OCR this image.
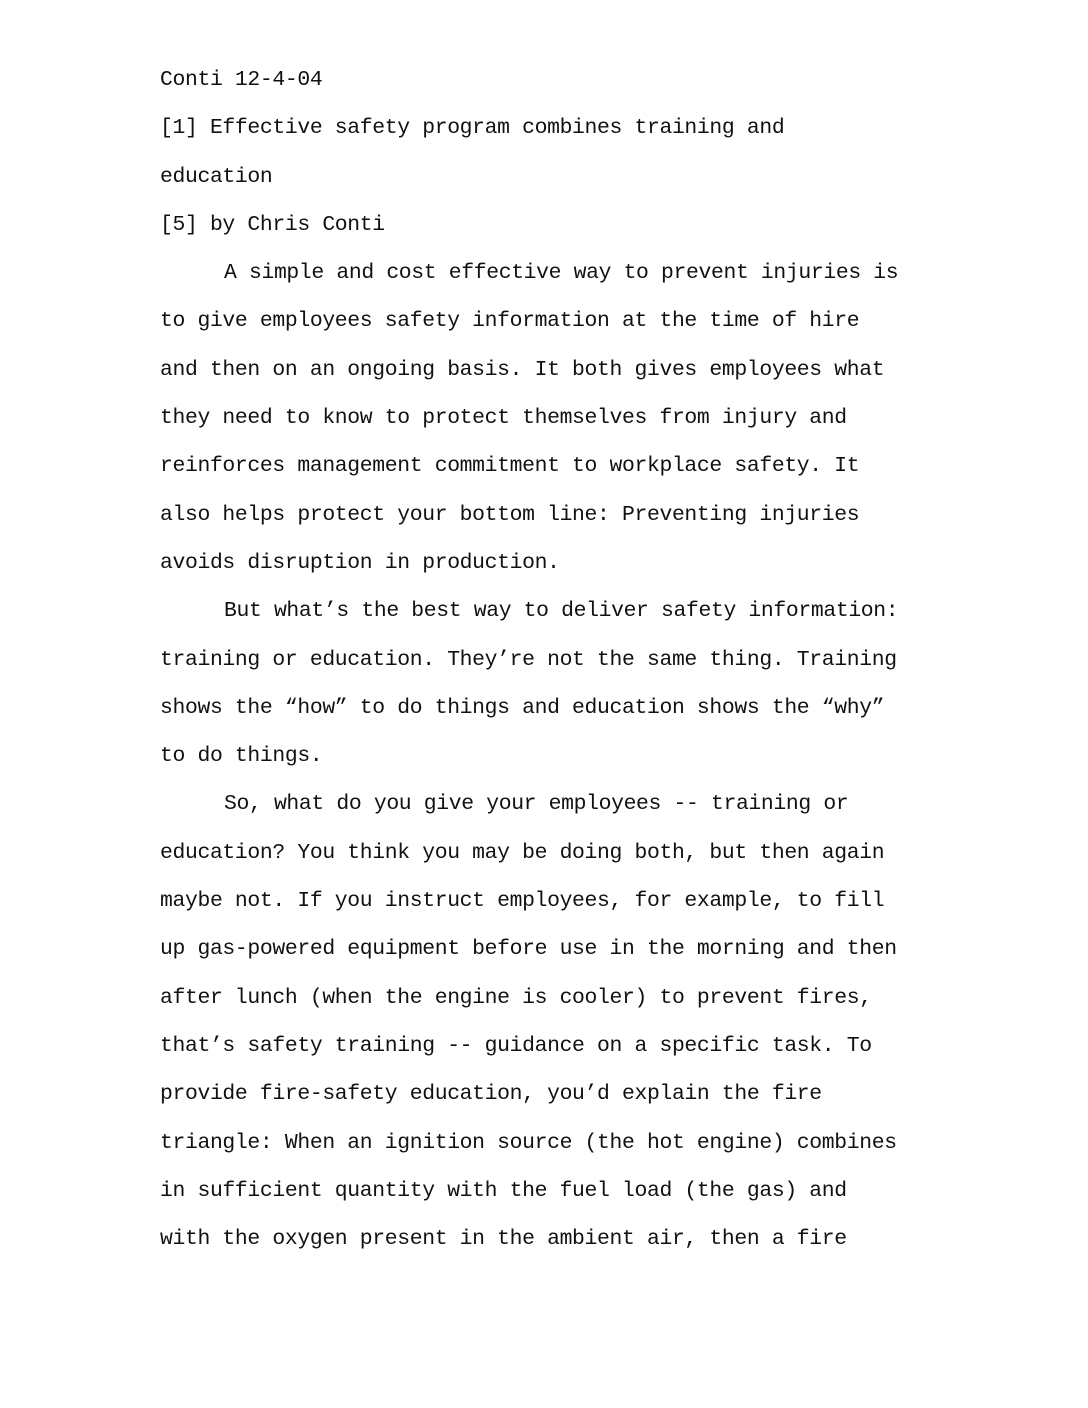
Conti 12-4-04
[1] Effective safety program combines training and
education
[5] by Chris Conti
A simple and cost effective way to prevent injuries is
to give employees safety information at the time of hire
and then on an ongoing basis. It both gives employees what
they need to know to protect themselves from injury and
reinforces management commitment to workplace safety. It
also helps protect your bottom line: Preventing injuries
avoids disruption in production.
But what’s the best way to deliver safety information:
training or education. They’re not the same thing. Training
shows the “how” to do things and education shows the “why”
to do things.
So, what do you give your employees -- training or
education? You think you may be doing both, but then again
maybe not. If you instruct employees, for example, to fill
up gas-powered equipment before use in the morning and then
after lunch (when the engine is cooler) to prevent fires,
that’s safety training -- guidance on a specific task. To
provide fire-safety education, you’d explain the fire
triangle: When an ignition source (the hot engine) combines
in sufficient quantity with the fuel load (the gas) and
with the oxygen present in the ambient air, then a fire
